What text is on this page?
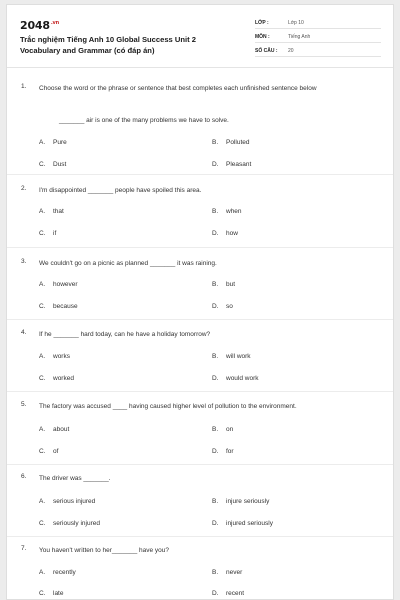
$2048^{.vn}$
Trắc nghiệm Tiếng Anh 10 Global Success Unit 2
Vocabulary and Grammar (có đáp án)
LỚP :	Lớp 10
MÔN :	Tiếng Anh
SỐ CÂU : 20
1. Choose the word or the phrase or sentence that best completes each unfinished sentence below
_______ air is one of the many problems we have to solve.
A. Pure	B. Polluted
C. Dust	D. Pleasant
2. I'm disappointed _______ people have spoiled this area.
A. that	B. when
C. if	D. how
3. We couldn't go on a picnic as planned _______ it was raining.
A. however	B. but
C. because	D. so
4. If he _______ hard today, can he have a holiday tomorrow?
A. works	B. will work
C. worked	D. would work
5. The factory was accused ____ having caused higher level of pollution to the environment.
A. about	B. on
C. of	D. for
6. The driver was _______.
A. serious injured	B. injure seriously
C. seriously injured	D. injured seriously
7. You haven't written to her_______ have you?
A. recently	B. never
C. late	D. recent
